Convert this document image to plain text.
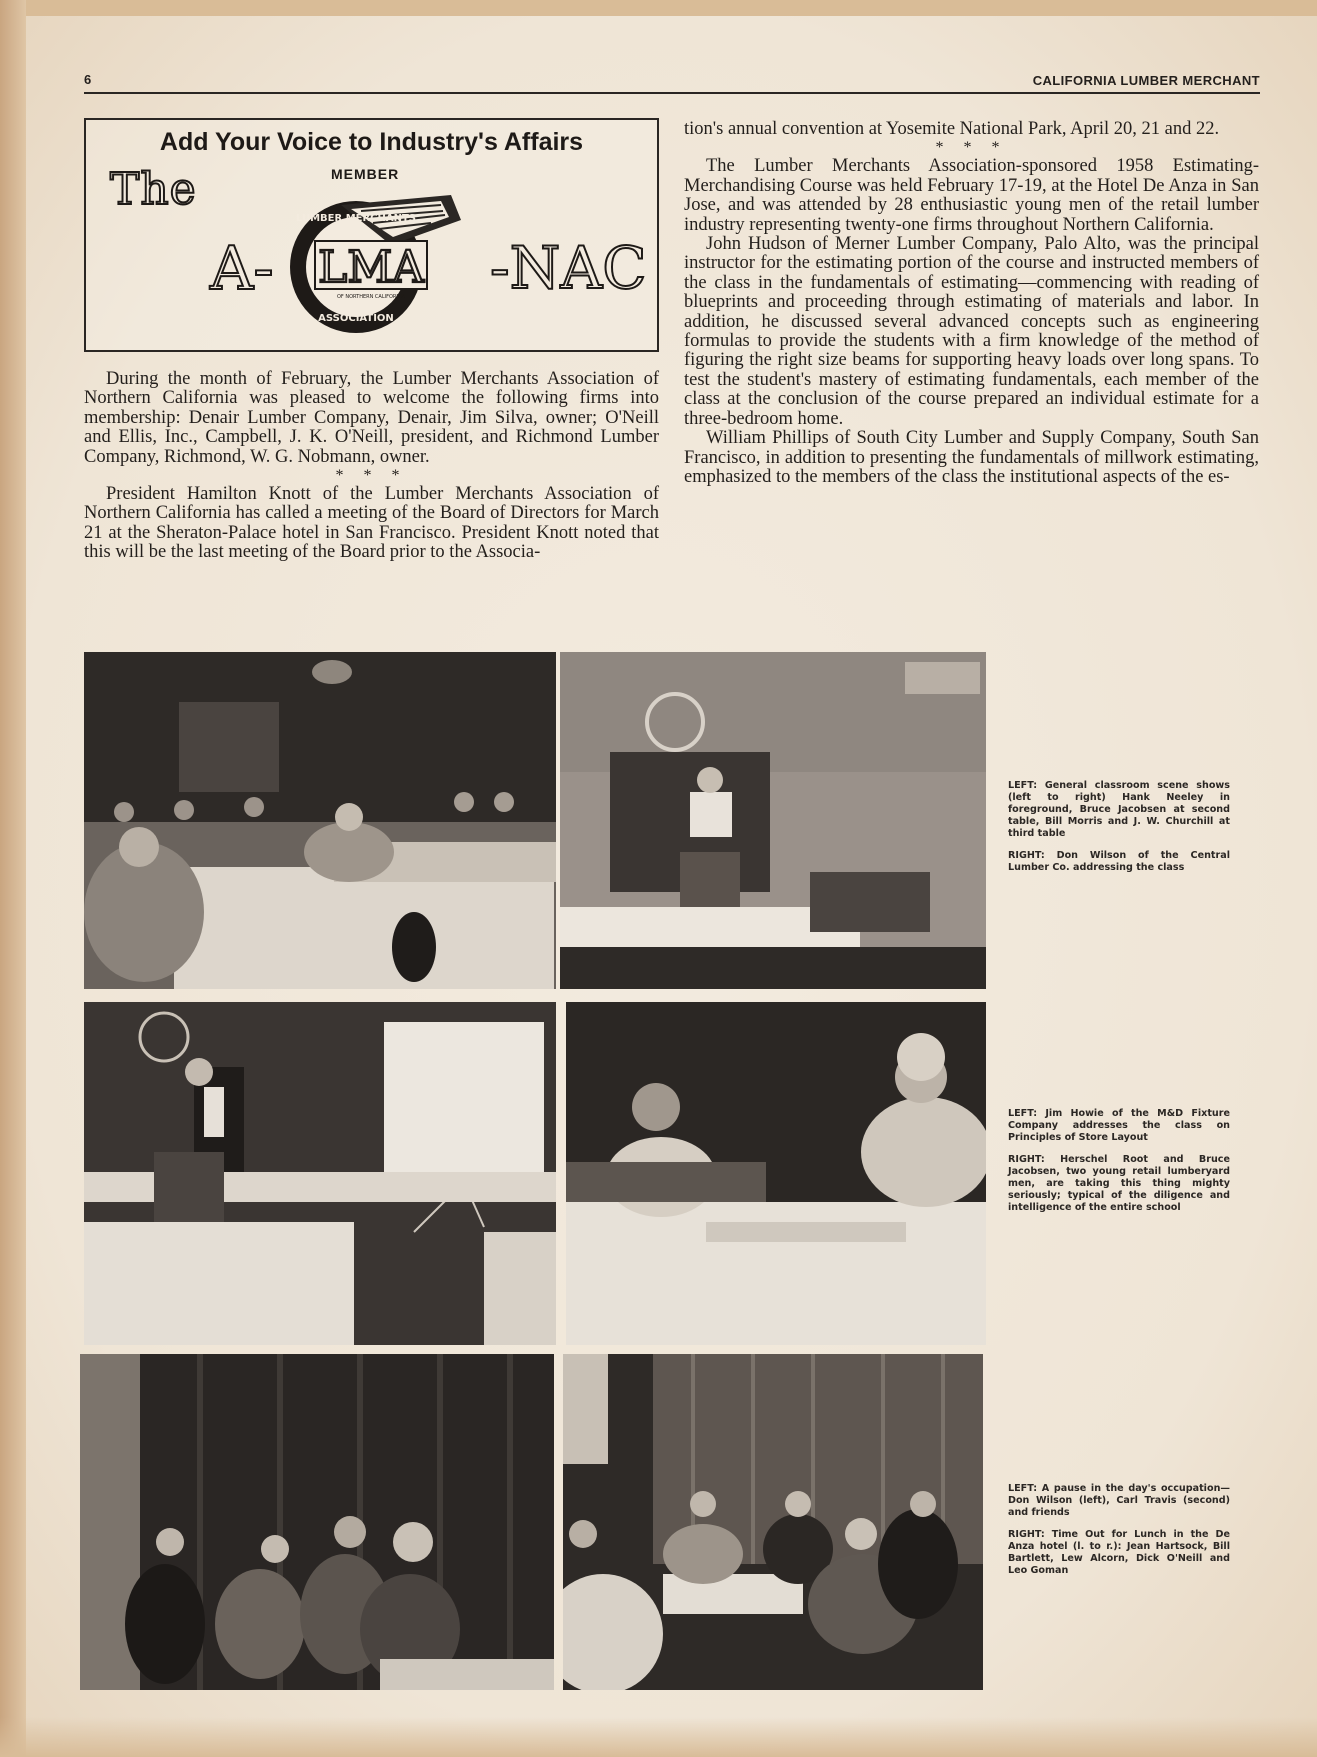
6	CALIFORNIA LUMBER MERCHANT
Add Your Voice to Industry's Affairs
The	MEMBER
A- LMA
LUMBER MERCHANTS
ASSOCIATION
OF NORTHERN CALIFORNIA -NAC

During the month of February, the Lumber Merchants Association of Northern California was pleased to welcome the following firms into membership: Denair Lumber Company, Denair, Jim Silva, owner; O'Neill and Ellis, Inc., Campbell, J. K. O'Neill, president, and Richmond Lumber Company, Richmond, W. G. Nobmann, owner.

* * *

President Hamilton Knott of the Lumber Merchants Association of Northern California has called a meeting of the Board of Directors for March 21 at the Sheraton-Palace hotel in San Francisco. President Knott noted that this will be the last meeting of the Board prior to the Associa-

tion's annual convention at Yosemite National Park, April 20, 21 and 22.

* * *

The Lumber Merchants Association-sponsored 1958 Estimating-Merchandising Course was held February 17-19, at the Hotel De Anza in San Jose, and was attended by 28 enthusiastic young men of the retail lumber industry representing twenty-one firms throughout Northern California.

John Hudson of Merner Lumber Company, Palo Alto, was the principal instructor for the estimating portion of the course and instructed members of the class in the fundamentals of estimating—commencing with reading of blueprints and proceeding through estimating of materials and labor. In addition, he discussed several advanced concepts such as engineering formulas to provide the students with a firm knowledge of the method of figuring the right size beams for supporting heavy loads over long spans. To test the student's mastery of estimating fundamentals, each member of the class at the conclusion of the course prepared an individual estimate for a three-bedroom home.

William Phillips of South City Lumber and Supply Company, South San Francisco, in addition to presenting the fundamentals of millwork estimating, emphasized to the members of the class the institutional aspects of the es-

LEFT: General classroom scene shows (left to right) Hank Neeley in foreground, Bruce Jacobsen at second table, Bill Morris and J. W. Churchill at third table

RIGHT: Don Wilson of the Central Lumber Co. addressing the class

LEFT: Jim Howie of the M&D Fixture Company addresses the class on Principles of Store Layout

RIGHT: Herschel Root and Bruce Jacobsen, two young retail lumberyard men, are taking this thing mighty seriously; typical of the diligence and intelligence of the entire school

LEFT: A pause in the day's occupation—Don Wilson (left), Carl Travis (second) and friends

RIGHT: Time Out for Lunch in the De Anza hotel (l. to r.): Jean Hartsock, Bill Bartlett, Lew Alcorn, Dick O'Neill and Leo Goman
